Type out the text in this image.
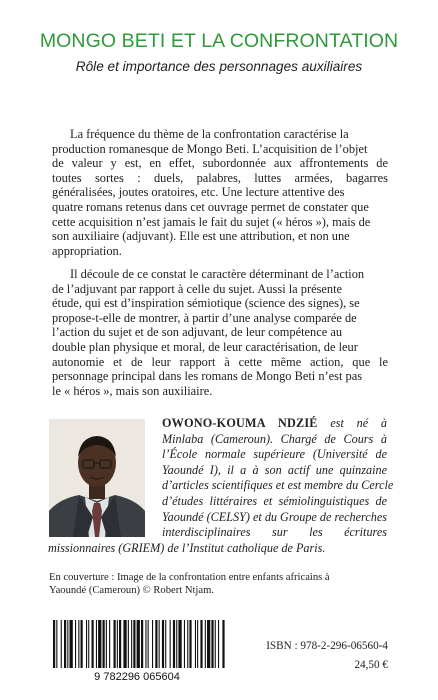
MONGO BETI ET LA CONFRONTATION
Rôle et importance des personnages auxiliaires
La fréquence du thème de la confrontation caractérise la
production romanesque de Mongo Beti. L’acquisition de l’objet
de valeur y est, en effet, subordonnée aux affrontements de
toutes sortes : duels, palabres, luttes armées, bagarres
généralisées, joutes oratoires, etc. Une lecture attentive des
quatre romans retenus dans cet ouvrage permet de constater que
cette acquisition n’est jamais le fait du sujet (« héros »), mais de
son auxiliaire (adjuvant). Elle est une attribution, et non une
appropriation.
Il découle de ce constat le caractère déterminant de l’action
de l’adjuvant par rapport à celle du sujet. Aussi la présente
étude, qui est d’inspiration sémiotique (science des signes), se
propose-t-elle de montrer, à partir d’une analyse comparée de
l’action du sujet et de son adjuvant, de leur compétence au
double plan physique et moral, de leur caractérisation, de leur
autonomie et de leur rapport à cette même action, que le
personnage principal dans les romans de Mongo Beti n’est pas
le « héros », mais son auxiliaire.
OWONO-KOUMA NDZIÉ est né à
Minlaba (Cameroun). Chargé de Cours à
l’École normale supérieure (Université de
Yaoundé I), il a à son actif une quinzaine
d’articles scientifiques et est membre du Cercle
d’études littéraires et sémiolinguistiques de
Yaoundé (CELSY) et du Groupe de recherches
interdisciplinaires sur les écritures
missionnaires (GRIEM) de l’Institut catholique de Paris.
En couverture : Image de la confrontation entre enfants africains à
Yaoundé (Cameroun) © Robert Ntjam.
9 782296 065604
ISBN : 978-2-296-06560-4
24,50 €
